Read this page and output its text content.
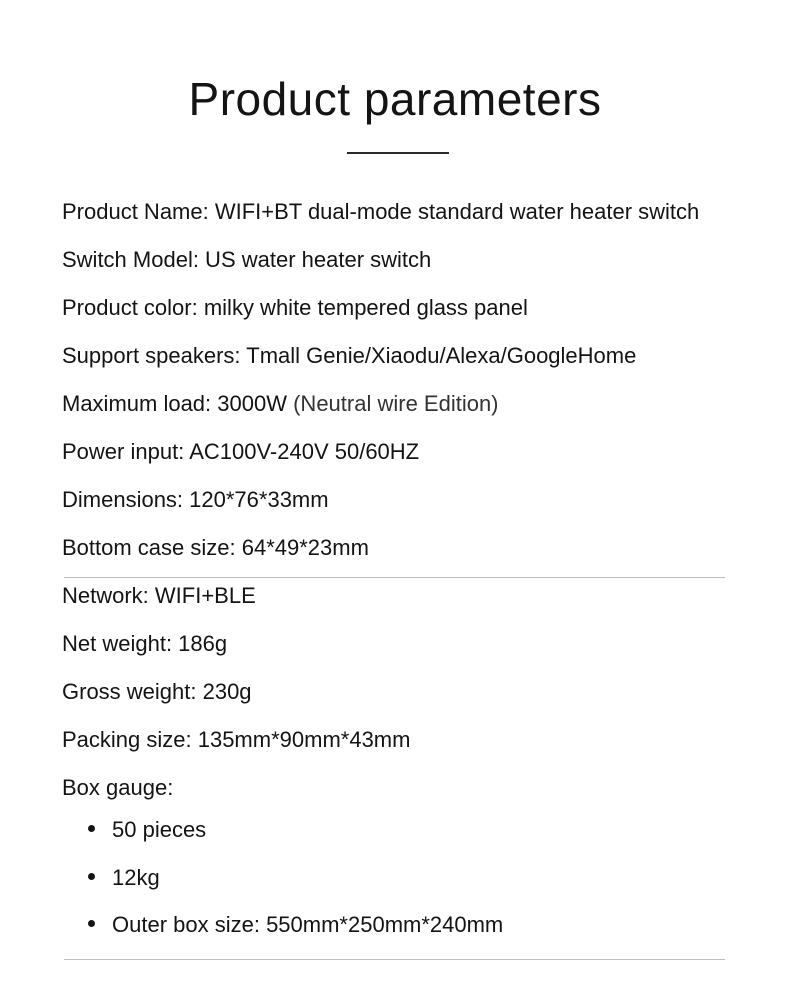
Product parameters
Product Name: WIFI+BT dual-mode standard water heater switch
Switch Model: US water heater switch
Product color: milky white tempered glass panel
Support speakers: Tmall Genie/Xiaodu/Alexa/GoogleHome
Maximum load: 3000W (Neutral wire Edition)
Power input: AC100V-240V 50/60HZ
Dimensions: 120*76*33mm
Bottom case size: 64*49*23mm
Network: WIFI+BLE
Net weight: 186g
Gross weight: 230g
Packing size: 135mm*90mm*43mm
Box gauge:
50 pieces
12kg
Outer box size: 550mm*250mm*240mm
